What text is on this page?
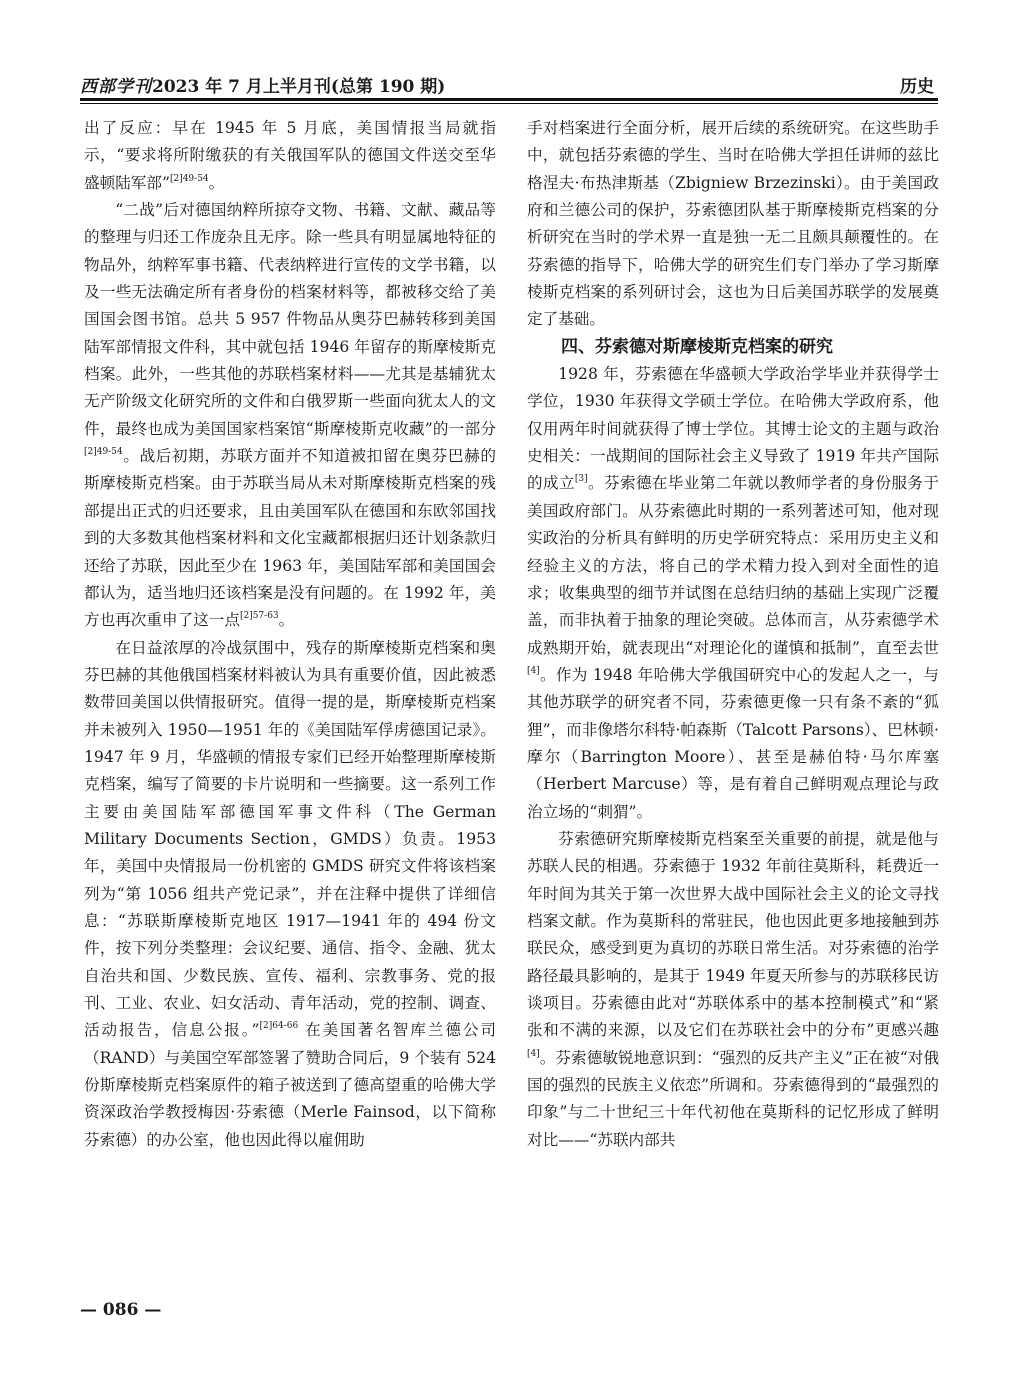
西部学刊2023 年 7 月上半月刊(总第 190 期)	历史

出了反应：早在 1945 年 5 月底，美国情报当局就指示，“要求将所附缴获的有关俄国军队的德国文件送交至华盛顿陆军部”$^{[2]49-54}$。

“二战”后对德国纳粹所掠夺文物、书籍、文献、藏品等的整理与归还工作庞杂且无序。除一些具有明显属地特征的物品外，纳粹军事书籍、代表纳粹进行宣传的文学书籍，以及一些无法确定所有者身份的档案材料等，都被移交给了美国国会图书馆。总共 5 957 件物品从奥芬巴赫转移到美国陆军部情报文件科，其中就包括 1946 年留存的斯摩棱斯克档案。此外，一些其他的苏联档案材料——尤其是基辅犹太无产阶级文化研究所的文件和白俄罗斯一些面向犹太人的文件，最终也成为美国国家档案馆“斯摩棱斯克收藏”的一部分$^{[2]49-54}$。战后初期，苏联方面并不知道被扣留在奥芬巴赫的斯摩棱斯克档案。由于苏联当局从未对斯摩棱斯克档案的残部提出正式的归还要求，且由美国军队在德国和东欧邻国找到的大多数其他档案材料和文化宝藏都根据归还计划条款归还给了苏联，因此至少在 1963 年，美国陆军部和美国国会都认为，适当地归还该档案是没有问题的。在 1992 年，美方也再次重申了这一点$^{[2]57-63}$。

在日益浓厚的冷战氛围中，残存的斯摩棱斯克档案和奥芬巴赫的其他俄国档案材料被认为具有重要价值，因此被悉数带回美国以供情报研究。值得一提的是，斯摩棱斯克档案并未被列入 1950—1951 年的《美国陆军俘虏德国记录》。1947 年 9 月，华盛顿的情报专家们已经开始整理斯摩棱斯克档案，编写了简要的卡片说明和一些摘要。这一系列工作主要由美国陆军部德国军事文件科（The German Military Documents Section，GMDS）负责。1953 年，美国中央情报局一份机密的 GMDS 研究文件将该档案列为“第 1056 组共产党记录”，并在注释中提供了详细信息：“苏联斯摩棱斯克地区 1917—1941 年的 494 份文件，按下列分类整理：会议纪要、通信、指令、金融、犹太自治共和国、少数民族、宣传、福利、宗教事务、党的报刊、工业、农业、妇女活动、青年活动，党的控制、调查、活动报告，信息公报。”$^{[2]64-66}$ 在美国著名智库兰德公司（RAND）与美国空军部签署了赞助合同后，9 个装有 524 份斯摩棱斯克档案原件的箱子被送到了德高望重的哈佛大学资深政治学教授梅因·芬索德（Merle Fainsod，以下简称芬索德）的办公室，他也因此得以雇佣助

手对档案进行全面分析，展开后续的系统研究。在这些助手中，就包括芬索德的学生、当时在哈佛大学担任讲师的兹比格涅夫·布热津斯基（Zbigniew Brzezinski）。由于美国政府和兰德公司的保护，芬索德团队基于斯摩棱斯克档案的分析研究在当时的学术界一直是独一无二且颇具颠覆性的。在芬索德的指导下，哈佛大学的研究生们专门举办了学习斯摩棱斯克档案的系列研讨会，这也为日后美国苏联学的发展奠定了基础。

四、芬索德对斯摩棱斯克档案的研究

1928 年，芬索德在华盛顿大学政治学毕业并获得学士学位，1930 年获得文学硕士学位。在哈佛大学政府系，他仅用两年时间就获得了博士学位。其博士论文的主题与政治史相关：一战期间的国际社会主义导致了 1919 年共产国际的成立[3]。芬索德在毕业第二年就以教师学者的身份服务于美国政府部门。从芬索德此时期的一系列著述可知，他对现实政治的分析具有鲜明的历史学研究特点：采用历史主义和经验主义的方法，将自己的学术精力投入到对全面性的追求；收集典型的细节并试图在总结归纳的基础上实现广泛覆盖，而非执着于抽象的理论突破。总体而言，从芬索德学术成熟期开始，就表现出“对理论化的谨慎和抵制”，直至去世[4]。作为 1948 年哈佛大学俄国研究中心的发起人之一，与其他苏联学的研究者不同，芬索德更像一只有条不紊的“狐狸”，而非像塔尔科特·帕森斯（Talcott Parsons）、巴林顿·摩尔（Barrington Moore）、甚至是赫伯特·马尔库塞（Herbert Marcuse）等，是有着自己鲜明观点理论与政治立场的“刺猬”。

芬索德研究斯摩棱斯克档案至关重要的前提，就是他与苏联人民的相遇。芬索德于 1932 年前往莫斯科，耗费近一年时间为其关于第一次世界大战中国际社会主义的论文寻找档案文献。作为莫斯科的常驻民，他也因此更多地接触到苏联民众，感受到更为真切的苏联日常生活。对芬索德的治学路径最具影响的，是其于 1949 年夏天所参与的苏联移民访谈项目。芬索德由此对“苏联体系中的基本控制模式”和“紧张和不满的来源，以及它们在苏联社会中的分布”更感兴趣[4]。芬索德敏锐地意识到：“强烈的反共产主义”正在被“对俄国的强烈的民族主义依恋”所调和。芬索德得到的“最强烈的印象”与二十世纪三十年代初他在莫斯科的记忆形成了鲜明对比——“苏联内部共

— 086 —
